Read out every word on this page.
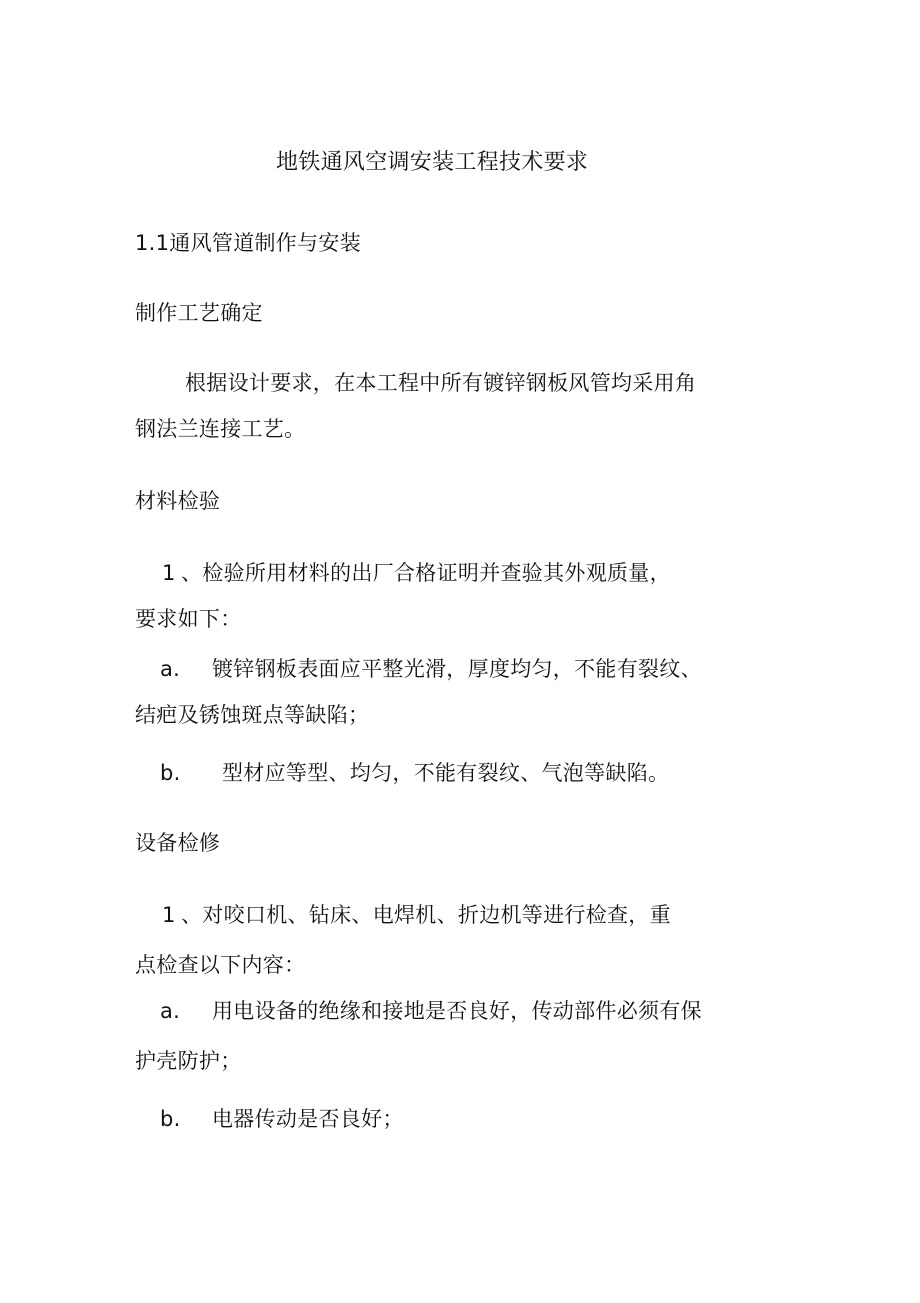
地铁通风空调安装工程技术要求
1.1通风管道制作与安装
制作工艺确定
根据设计要求，在本工程中所有镀锌钢板风管均采用角
钢法兰连接工艺。
材料检验
1 、检验所用材料的出厂合格证明并查验其外观质量，
要求如下：
a. 镀锌钢板表面应平整光滑，厚度均匀，不能有裂纹、
结疤及锈蚀斑点等缺陷；
b. 型材应等型、均匀，不能有裂纹、气泡等缺陷。
设备检修
1 、对咬口机、钻床、电焊机、折边机等进行检查，重
点检查以下内容：
a. 用电设备的绝缘和接地是否良好，传动部件必须有保
护壳防护；
b. 电器传动是否良好；
